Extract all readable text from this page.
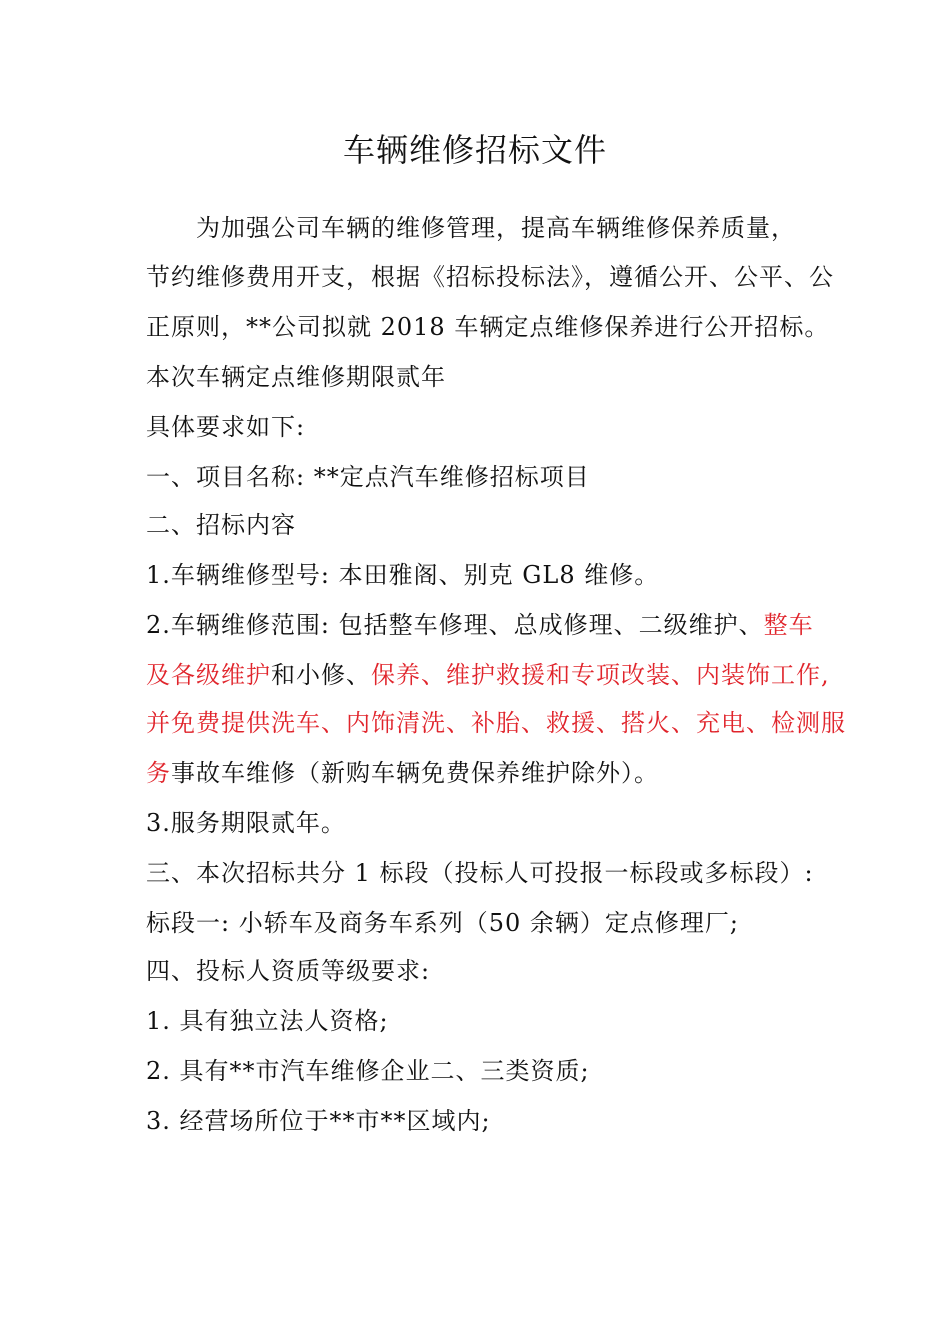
车辆维修招标文件
　　为加强公司车辆的维修管理，提高车辆维修保养质量，
节约维修费用开支，根据《招标投标法》，遵循公开、公平、公
正原则，**公司拟就 2018 车辆定点维修保养进行公开招标。
本次车辆定点维修期限贰年
具体要求如下:
一、项目名称: **定点汽车维修招标项目
二、招标内容
1.车辆维修型号: 本田雅阁、别克 GL8 维修。
2.车辆维修范围: 包括整车修理、总成修理、二级维护、整车
及各级维护和小修、保养、维护救援和专项改装、内装饰工作,
并免费提供洗车、内饰清洗、补胎、救援、搭火、充电、检测服
务事故车维修（新购车辆免费保养维护除外）。
3.服务期限贰年。
三、本次招标共分 1 标段（投标人可投报一标段或多标段）:
标段一: 小轿车及商务车系列（50 余辆）定点修理厂;
四、投标人资质等级要求:
1. 具有独立法人资格;
2. 具有**市汽车维修企业二、三类资质;
3. 经营场所位于**市**区域内;
